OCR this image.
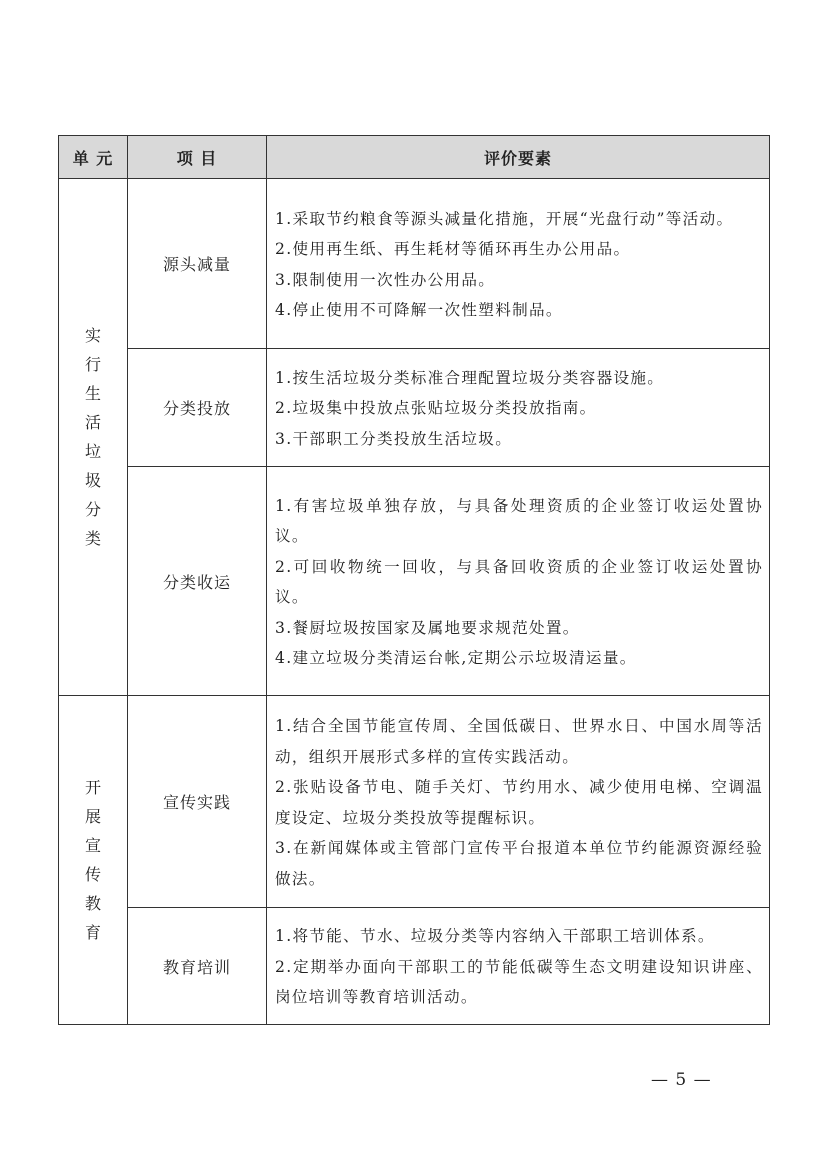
单 元	项 目	评价要素
实行生活垃圾分类	源头减量	1.采取节约粮食等源头减量化措施，开展“光盘行动”等活动。
2.使用再生纸、再生耗材等循环再生办公用品。
3.限制使用一次性办公用品。
4.停止使用不可降解一次性塑料制品。

	分类投放	1.按生活垃圾分类标准合理配置垃圾分类容器设施。
2.垃圾集中投放点张贴垃圾分类投放指南。
3.干部职工分类投放生活垃圾。

	分类收运	1.有害垃圾单独存放，与具备处理资质的企业签订收运处置协议。
2.可回收物统一回收，与具备回收资质的企业签订收运处置协议。
3.餐厨垃圾按国家及属地要求规范处置。
4.建立垃圾分类清运台帐,定期公示垃圾清运量。

开展宣传教育	宣传实践	1.结合全国节能宣传周、全国低碳日、世界水日、中国水周等活动，组织开展形式多样的宣传实践活动。
2.张贴设备节电、随手关灯、节约用水、减少使用电梯、空调温度设定、垃圾分类投放等提醒标识。
3.在新闻媒体或主管部门宣传平台报道本单位节约能源资源经验做法。

	教育培训	1.将节能、节水、垃圾分类等内容纳入干部职工培训体系。
2.定期举办面向干部职工的节能低碳等生态文明建设知识讲座、岗位培训等教育培训活动。
— 5 —
